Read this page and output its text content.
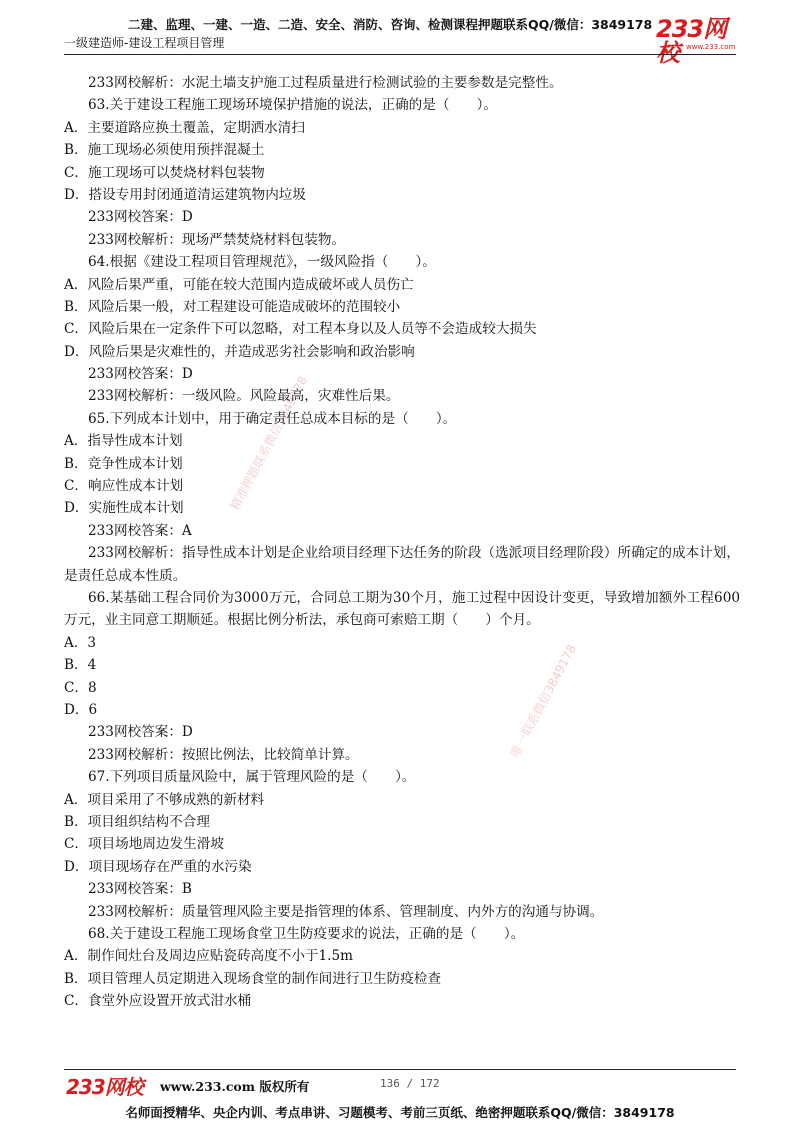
二建、监理、一建、一造、二造、安全、消防、咨询、检测课程押题联系QQ/微信：3849178
一级建造师-建设工程项目管理	233网校	www.233.com
精准押题联系微信3849178
唯一联系微信3849178
233网校解析：水泥土墙支护施工过程质量进行检测试验的主要参数是完整性。
63.关于建设工程施工现场环境保护措施的说法，正确的是（　　）。
A．主要道路应换土覆盖，定期洒水清扫
B．施工现场必须使用预拌混凝土
C．施工现场可以焚烧材料包装物
D．搭设专用封闭通道清运建筑物内垃圾
233网校答案：D
233网校解析：现场严禁焚烧材料包装物。
64.根据《建设工程项目管理规范》，一级风险指（　　）。
A．风险后果严重，可能在较大范围内造成破坏或人员伤亡
B．风险后果一般，对工程建设可能造成破坏的范围较小
C．风险后果在一定条件下可以忽略，对工程本身以及人员等不会造成较大损失
D．风险后果是灾难性的，并造成恶劣社会影响和政治影响
233网校答案：D
233网校解析：一级风险。风险最高，灾难性后果。
65.下列成本计划中，用于确定责任总成本目标的是（　　）。
A．指导性成本计划
B．竞争性成本计划
C．响应性成本计划
D．实施性成本计划
233网校答案：A
233网校解析：指导性成本计划是企业给项目经理下达任务的阶段（选派项目经理阶段）所确定的成本计划，是责任总成本性质。
66.某基础工程合同价为3000万元，合同总工期为30个月，施工过程中因设计变更，导致增加额外工程600万元，业主同意工期顺延。根据比例分析法，承包商可索赔工期（　　）个月。
A．3
B．4
C．8
D．6
233网校答案：D
233网校解析：按照比例法，比较简单计算。
67.下列项目质量风险中，属于管理风险的是（　　）。
A．项目采用了不够成熟的新材料
B．项目组织结构不合理
C．项目场地周边发生滑坡
D．项目现场存在严重的水污染
233网校答案：B
233网校解析：质量管理风险主要是指管理的体系、管理制度、内外方的沟通与协调。
68.关于建设工程施工现场食堂卫生防疫要求的说法，正确的是（　　）。
A．制作间灶台及周边应贴瓷砖高度不小于1.5m
B．项目管理人员定期进入现场食堂的制作间进行卫生防疫检查
C．食堂外应设置开放式泔水桶
233网校 www.233.com 版权所有	136 / 172
名师面授精华、央企内训、考点串讲、习题模考、考前三页纸、绝密押题联系QQ/微信：3849178
